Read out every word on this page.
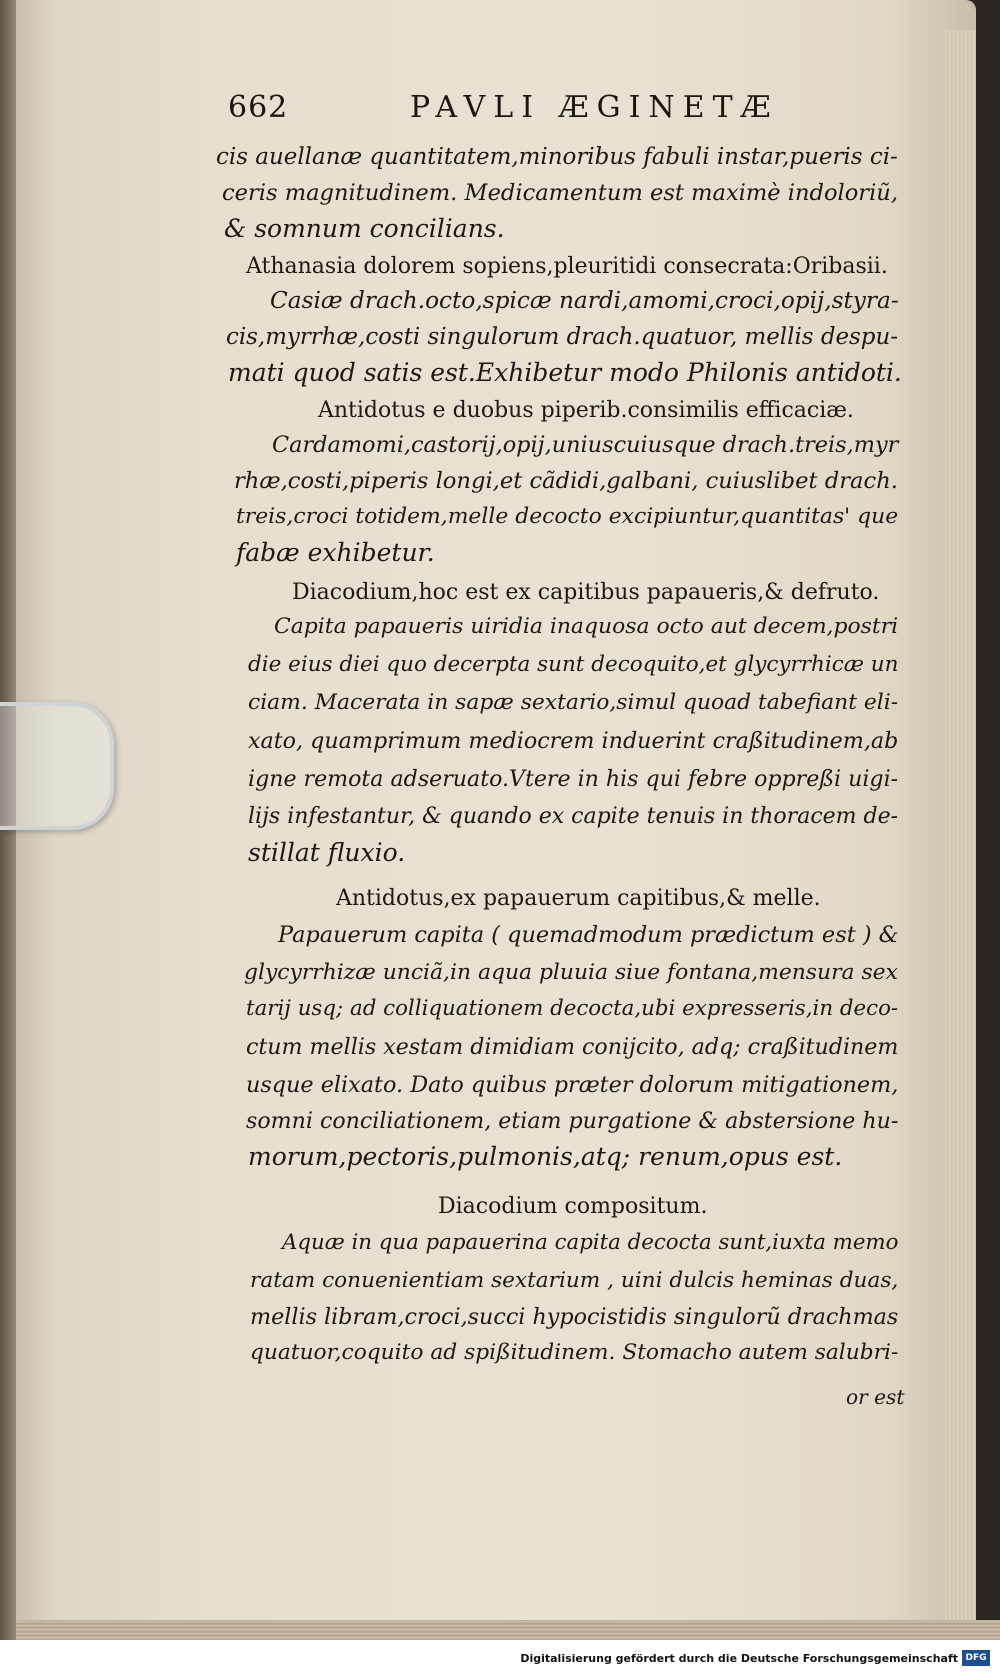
662	PAVLI ÆGINETÆ
cis auellanæ quantitatem,minoribus fabuli instar,pueris ci-
ceris magnitudinem. Medicamentum est maximè indoloriũ,
& somnum concilians.
Athanasia dolorem sopiens,pleuritidi consecrata:Oribasii.
Casiæ drach.octo,spicæ nardi,amomi,croci,opij,styra-
cis,myrrhæ,costi singulorum drach.quatuor, mellis despu-
mati quod satis est.Exhibetur modo Philonis antidoti.
Antidotus e duobus piperib.consimilis efficaciæ.
Cardamomi,castorij,opij,uniuscuiusque drach.treis,myr
rhæ,costi,piperis longi,et cãdidi,galbani, cuiuslibet drach.
treis,croci totidem,melle decocto excipiuntur,quantitas' que
fabæ exhibetur.
Diacodium,hoc est ex capitibus papaueris,& defruto.
Capita papaueris uiridia inaquosa octo aut decem,postri
die eius diei quo decerpta sunt decoquito,et glycyrrhicæ un
ciam. Macerata in sapæ sextario,simul quoad tabefiant eli-
xato, quamprimum mediocrem induerint craßitudinem,ab
igne remota adseruato.Vtere in his qui febre oppreßi uigi-
lijs infestantur, & quando ex capite tenuis in thoracem de-
stillat fluxio.
Antidotus,ex papauerum capitibus,& melle.
Papauerum capita ( quemadmodum prædictum est ) &
glycyrrhizæ unciã,in aqua pluuia siue fontana,mensura sex
tarij usq; ad colliquationem decocta,ubi expresseris,in deco-
ctum mellis xestam dimidiam conijcito, adq; craßitudinem
usque elixato. Dato quibus præter dolorum mitigationem,
somni conciliationem, etiam purgatione & abstersione hu-
morum,pectoris,pulmonis,atq; renum,opus est.
Diacodium compositum.
Aquæ in qua papauerina capita decocta sunt,iuxta memo
ratam conuenientiam sextarium , uini dulcis heminas duas,
mellis libram,croci,succi hypocistidis singulorũ drachmas
quatuor,coquito ad spißitudinem. Stomacho autem salubri-
or est
Digitalisierung gefördert durch die Deutsche Forschungsgemeinschaft DFG
